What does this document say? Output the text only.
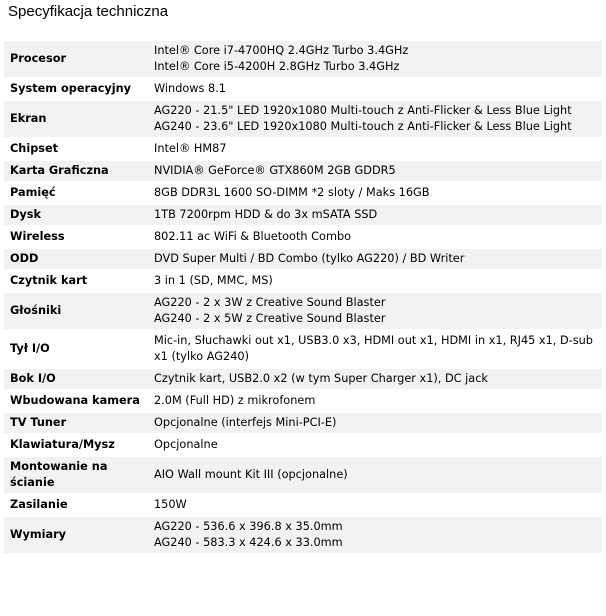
Specyfikacja techniczna
Procesor	Intel® Core i7-4700HQ 2.4GHz Turbo 3.4GHz
Intel® Core i5-4200H 2.8GHz Turbo 3.4GHz

System operacyjny	Windows 8.1

Ekran	AG220 - 21.5" LED 1920x1080 Multi-touch z Anti-Flicker & Less Blue Light
AG240 - 23.6" LED 1920x1080 Multi-touch z Anti-Flicker & Less Blue Light

Chipset	Intel® HM87

Karta Graficzna	NVIDIA® GeForce® GTX860M 2GB GDDR5

Pamięć	8GB DDR3L 1600 SO-DIMM *2 sloty / Maks 16GB

Dysk	1TB 7200rpm HDD & do 3x mSATA SSD

Wireless	802.11 ac WiFi & Bluetooth Combo

ODD	DVD Super Multi / BD Combo (tylko AG220) / BD Writer

Czytnik kart	3 in 1 (SD, MMC, MS)

Głośniki	AG220 - 2 x 3W z Creative Sound Blaster
AG240 - 2 x 5W z Creative Sound Blaster

Tył I/O	Mic-in, Słuchawki out x1, USB3.0 x3, HDMI out x1, HDMI in x1, RJ45 x1, D-sub x1 (tylko AG240)

Bok I/O	Czytnik kart, USB2.0 x2 (w tym Super Charger x1), DC jack

Wbudowana kamera	2.0M (Full HD) z mikrofonem

TV Tuner	Opcjonalne (interfejs Mini-PCI-E)

Klawiatura/Mysz	Opcjonalne

Montowanie na ścianie	AIO Wall mount Kit III (opcjonalne)

Zasilanie	150W

Wymiary	AG220 - 536.6 x 396.8 x 35.0mm
AG240 - 583.3 x 424.6 x 33.0mm
